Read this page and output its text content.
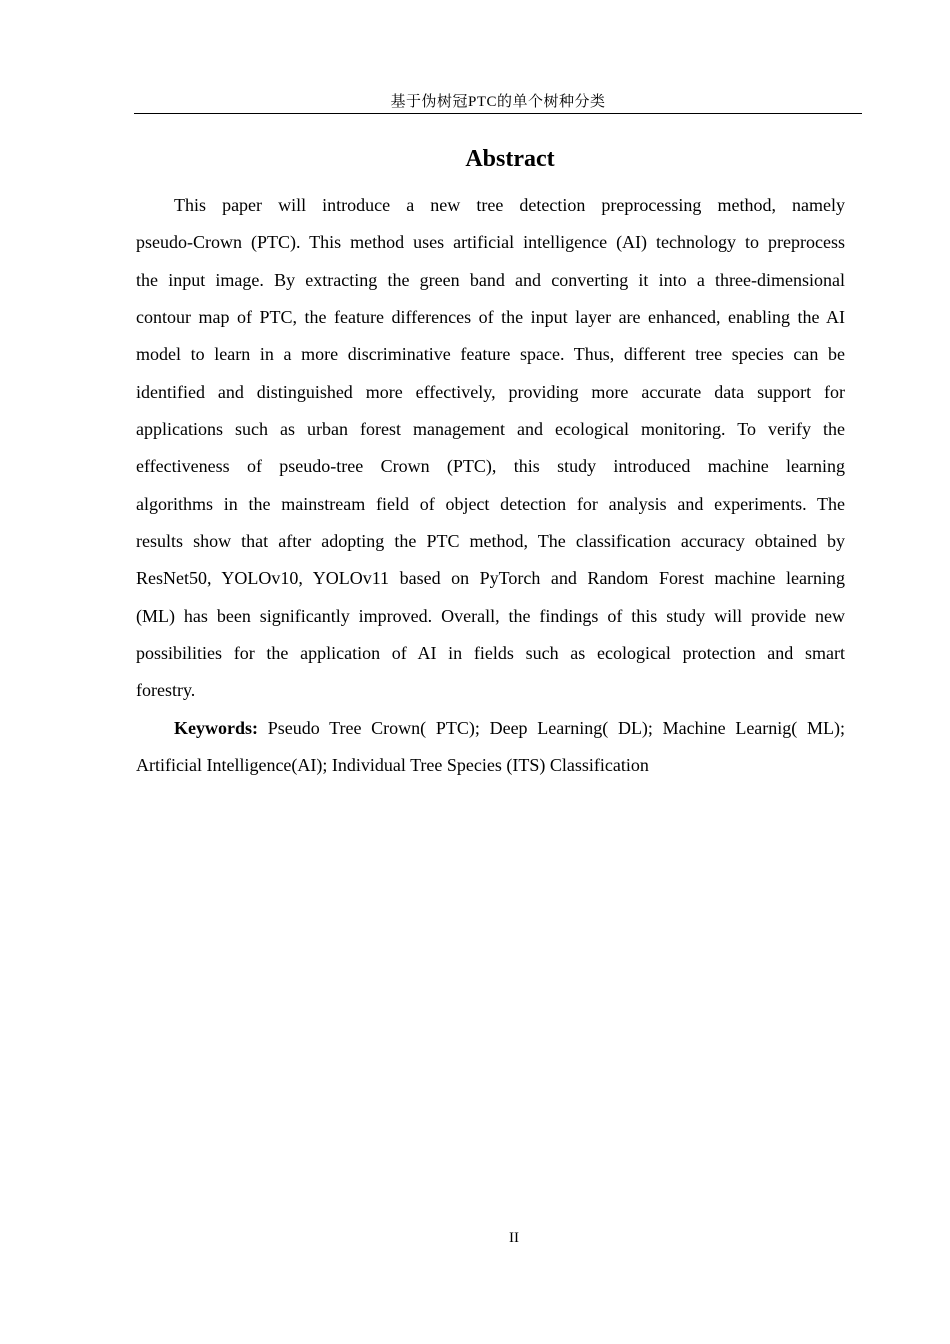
基于伪树冠PTC的单个树种分类
Abstract
This paper will introduce a new tree detection preprocessing method, namely
pseudo-Crown (PTC). This method uses artificial intelligence (AI) technology to preprocess
the input image. By extracting the green band and converting it into a three-dimensional
contour map of PTC, the feature differences of the input layer are enhanced, enabling the AI
model to learn in a more discriminative feature space. Thus, different tree species can be
identified and distinguished more effectively, providing more accurate data support for
applications such as urban forest management and ecological monitoring. To verify the
effectiveness of pseudo-tree Crown (PTC), this study introduced machine learning
algorithms in the mainstream field of object detection for analysis and experiments. The
results show that after adopting the PTC method, The classification accuracy obtained by
ResNet50, YOLOv10, YOLOv11 based on PyTorch and Random Forest machine learning
(ML) has been significantly improved. Overall, the findings of this study will provide new
possibilities for the application of AI in fields such as ecological protection and smart
forestry.
Keywords: Pseudo Tree Crown( PTC); Deep Learning( DL); Machine Learnig( ML);
Artificial Intelligence(AI); Individual Tree Species (ITS) Classification
II
